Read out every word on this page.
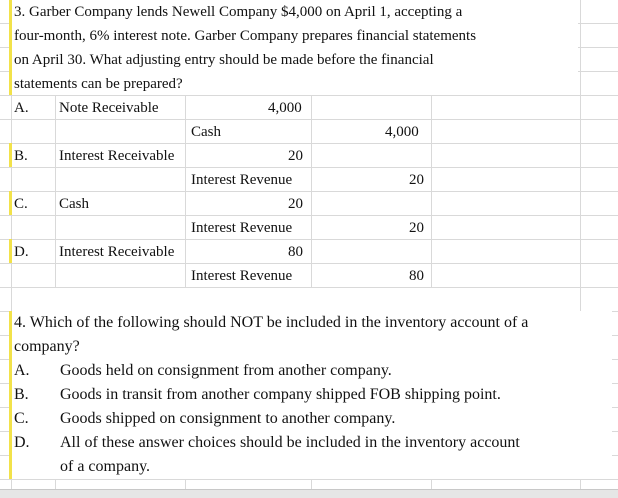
3. Garber Company lends Newell Company $4,000 on April 1, accepting a
four-month, 6% interest note. Garber Company prepares financial statements
on April 30. What adjusting entry should be made before the financial
statements can be prepared?
A. Note Receivable	4,000
Cash	4,000
B. Interest Receivable	20
Interest Revenue	20
C. Cash	20
Interest Revenue	20
D. Interest Receivable	80
Interest Revenue	80
4. Which of the following should NOT be included in the inventory account of a
company?
A. Goods held on consignment from another company.
B. Goods in transit from another company shipped FOB shipping point.
C. Goods shipped on consignment to another company.
D. All of these answer choices should be included in the inventory account
of a company.
